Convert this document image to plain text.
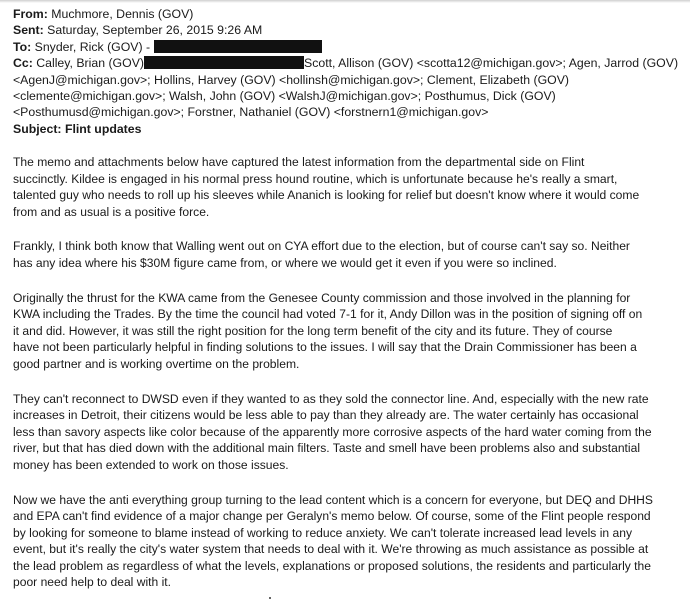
From: Muchmore, Dennis (GOV)
Sent: Saturday, September 26, 2015 9:26 AM
To: Snyder, Rick (GOV) -
Cc: Calley, Brian (GOV)	Scott, Allison (GOV) <scotta12@michigan.gov>; Agen, Jarrod (GOV)
<AgenJ@michigan.gov>; Hollins, Harvey (GOV) <hollinsh@michigan.gov>; Clement, Elizabeth (GOV)
<clemente@michigan.gov>; Walsh, John (GOV) <WalshJ@michigan.gov>; Posthumus, Dick (GOV)
<Posthumusd@michigan.gov>; Forstner, Nathaniel (GOV) <forstnern1@michigan.gov>
Subject: Flint updates
The memo and attachments below have captured the latest information from the departmental side on Flint
succinctly. Kildee is engaged in his normal press hound routine, which is unfortunate because he's really a smart,
talented guy who needs to roll up his sleeves while Ananich is looking for relief but doesn't know where it would come
from and as usual is a positive force.
Frankly, I think both know that Walling went out on CYA effort due to the election, but of course can't say so. Neither
has any idea where his $30M figure came from, or where we would get it even if you were so inclined.
Originally the thrust for the KWA came from the Genesee County commission and those involved in the planning for
KWA including the Trades. By the time the council had voted 7-1 for it, Andy Dillon was in the position of signing off on
it and did. However, it was still the right position for the long term benefit of the city and its future. They of course
have not been particularly helpful in finding solutions to the issues. I will say that the Drain Commissioner has been a
good partner and is working overtime on the problem.
They can't reconnect to DWSD even if they wanted to as they sold the connector line. And, especially with the new rate
increases in Detroit, their citizens would be less able to pay than they already are. The water certainly has occasional
less than savory aspects like color because of the apparently more corrosive aspects of the hard water coming from the
river, but that has died down with the additional main filters. Taste and smell have been problems also and substantial
money has been extended to work on those issues.
Now we have the anti everything group turning to the lead content which is a concern for everyone, but DEQ and DHHS
and EPA can't find evidence of a major change per Geralyn's memo below. Of course, some of the Flint people respond
by looking for someone to blame instead of working to reduce anxiety. We can't tolerate increased lead levels in any
event, but it's really the city's water system that needs to deal with it. We're throwing as much assistance as possible at
the lead problem as regardless of what the levels, explanations or proposed solutions, the residents and particularly the
poor need help to deal with it.
